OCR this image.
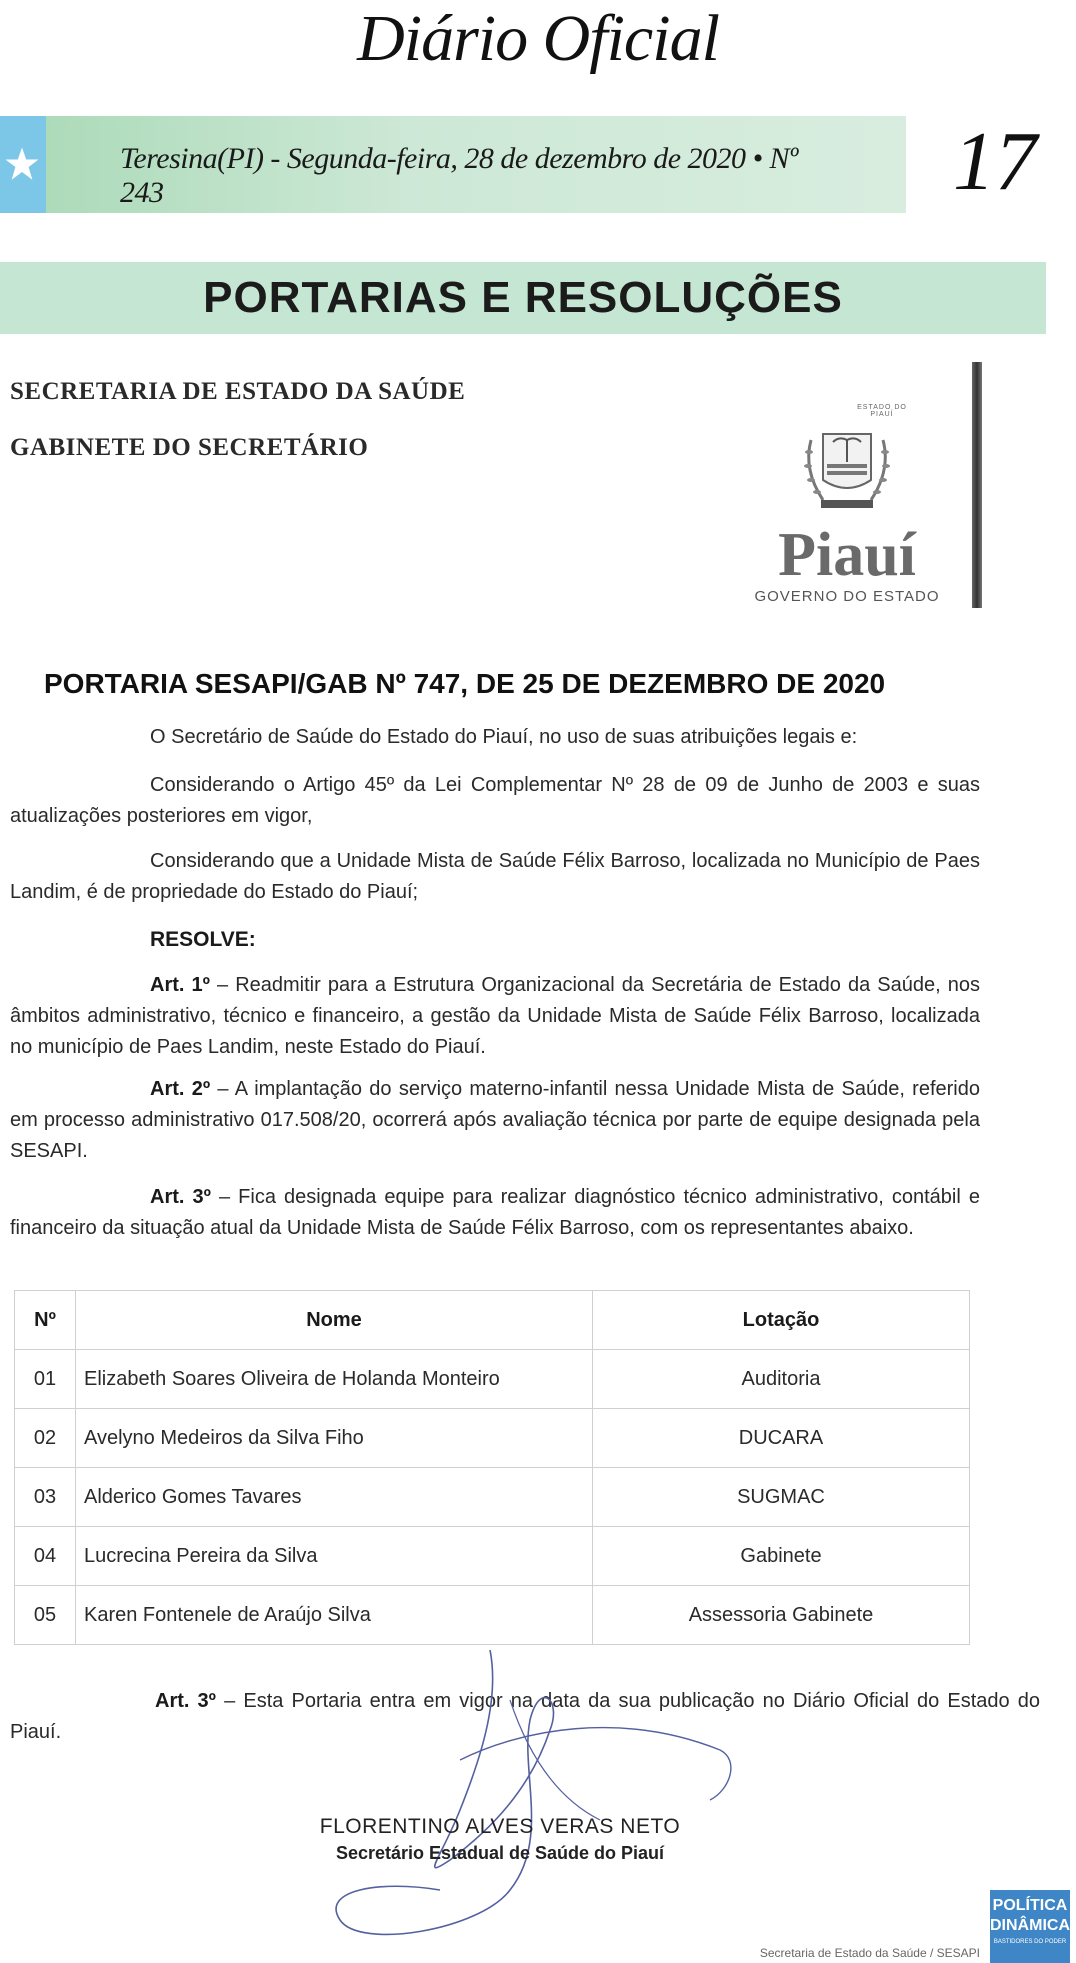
Diário Oficial
Teresina(PI) - Segunda-feira, 28 de dezembro de 2020 • Nº 243	17
PORTARIAS E RESOLUÇÕES
SECRETARIA DE ESTADO DA SAÚDE
GABINETE DO SECRETÁRIO
ESTADO DO PIAUÍ
Piauí
GOVERNO DO ESTADO
PORTARIA SESAPI/GAB Nº 747, DE 25 DE DEZEMBRO DE 2020
O Secretário de Saúde do Estado do Piauí, no uso de suas atribuições legais e:
Considerando o Artigo 45º da Lei Complementar Nº 28 de 09 de Junho de 2003 e suas atualizações posteriores em vigor,
Considerando que a Unidade Mista de Saúde Félix Barroso, localizada no Município de Paes Landim, é de propriedade do Estado do Piauí;
RESOLVE:
Art. 1º – Readmitir para a Estrutura Organizacional da Secretária de Estado da Saúde, nos âmbitos administrativo, técnico e financeiro, a gestão da Unidade Mista de Saúde Félix Barroso, localizada no município de Paes Landim, neste Estado do Piauí.
Art. 2º – A implantação do serviço materno-infantil nessa Unidade Mista de Saúde, referido em processo administrativo 017.508/20, ocorrerá após avaliação técnica por parte de equipe designada pela SESAPI.
Art. 3º – Fica designada equipe para realizar diagnóstico técnico administrativo, contábil e financeiro da situação atual da Unidade Mista de Saúde Félix Barroso, com os representantes abaixo.
Nº	Nome	Lotação
01	Elizabeth Soares Oliveira de Holanda Monteiro	Auditoria
02	Avelyno Medeiros da Silva Fiho	DUCARA
03	Alderico Gomes Tavares	SUGMAC
04	Lucrecina Pereira da Silva	Gabinete
05	Karen Fontenele de Araújo Silva	Assessoria Gabinete
Art. 3º – Esta Portaria entra em vigor na data da sua publicação no Diário Oficial do Estado do Piauí.
FLORENTINO ALVES VERAS NETO
Secretário Estadual de Saúde do Piauí
Secretaria de Estado da Saúde / SESAPI
POLÍTICA
DINÂMICA
BASTIDORES DO PODER
